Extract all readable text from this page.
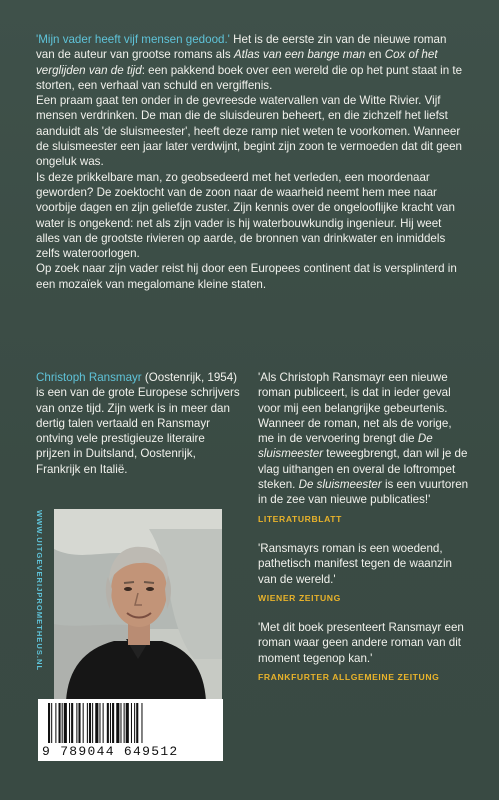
'Mijn vader heeft vijf mensen gedood.' Het is de eerste zin van de nieuwe roman van de auteur van grootse romans als Atlas van een bange man en Cox of het verglijden van de tijd: een pakkend boek over een wereld die op het punt staat in te storten, een verhaal van schuld en vergiffenis.

Een praam gaat ten onder in de gevreesde watervallen van de Witte Rivier. Vijf mensen verdrinken. De man die de sluisdeuren beheert, en die zichzelf het liefst aanduidt als 'de sluismeester', heeft deze ramp niet weten te voorkomen. Wanneer de sluismeester een jaar later verdwijnt, begint zijn zoon te vermoeden dat dit geen ongeluk was.

Is deze prikkelbare man, zo geobsedeerd met het verleden, een moordenaar geworden? De zoektocht van de zoon naar de waarheid neemt hem mee naar voorbije dagen en zijn geliefde zuster. Zijn kennis over de ongelooflijke kracht van water is ongekend: net als zijn vader is hij waterbouwkundig ingenieur. Hij weet alles van de grootste rivieren op aarde, de bronnen van drinkwater en inmiddels zelfs wateroorlogen.

Op zoek naar zijn vader reist hij door een Europees continent dat is versplinterd in een mozaïek van megalomane kleine staten.

Christoph Ransmayr (Oostenrijk, 1954) is een van de grote Europese schrijvers van onze tijd. Zijn werk is in meer dan dertig talen vertaald en Ransmayr ontving vele prestigieuze literaire prijzen in Duitsland, Oostenrijk, Frankrijk en Italië.

'Als Christoph Ransmayr een nieuwe roman publiceert, is dat in ieder geval voor mij een belangrijke gebeurtenis. Wanneer de roman, net als de vorige, me in de vervoering brengt die De sluismeester teweegbrengt, dan wil je de vlag uithangen en overal de loftrompet steken. De sluismeester is een vuurtoren in de zee van nieuwe publicaties!'

LITERATURBLATT

'Ransmayrs roman is een woedend, pathetisch manifest tegen de waanzin van de wereld.'

WIENER ZEITUNG

'Met dit boek presenteert Ransmayr een roman waar geen andere roman van dit moment tegenop kan.'

FRANKFURTER ALLGEMEINE ZEITUNG
WWW.UITGEVERIJPROMETHEUS.NL
9 789044 649512
